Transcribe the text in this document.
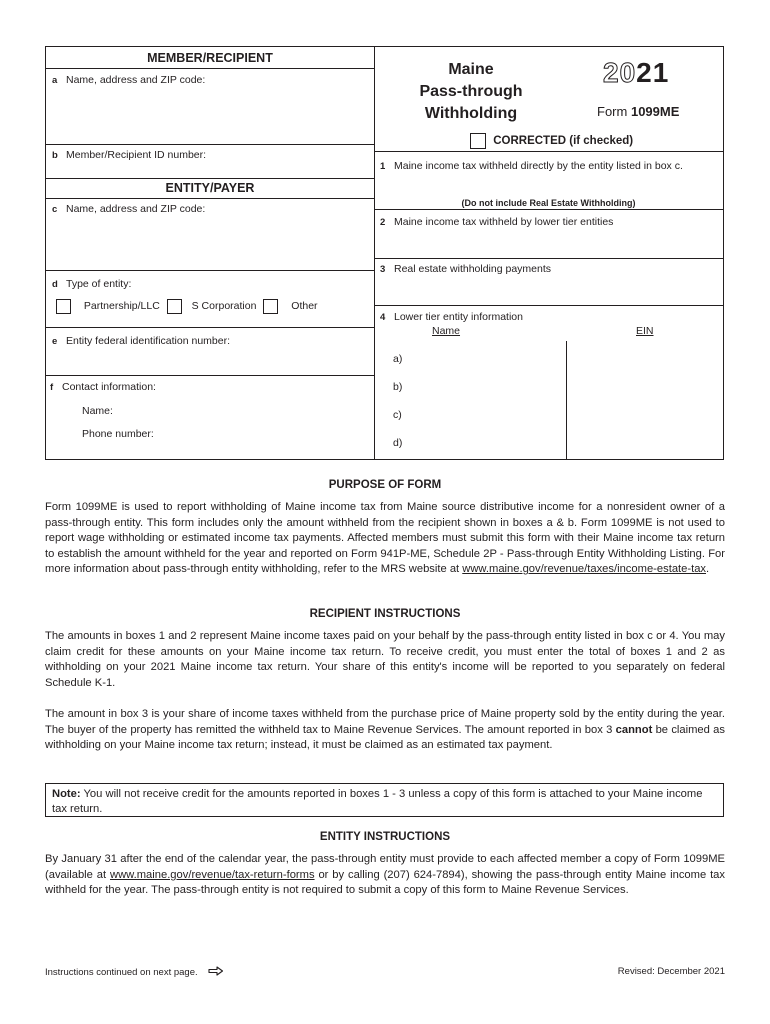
MEMBER/RECIPIENT
a Name, address and ZIP code:
b Member/Recipient ID number:
ENTITY/PAYER
c Name, address and ZIP code:
d Type of entity:
Partnership/LLC	S Corporation	Other
e Entity federal identification number:
f Contact information:
Name:
Phone number:
Maine
Pass-through
Withholding
2021
Form 1099ME
CORRECTED (if checked)
1 Maine income tax withheld directly by the entity listed in box c.
(Do not include Real Estate Withholding)
2 Maine income tax withheld by lower tier entities
3 Real estate withholding payments
4 Lower tier entity information
Name	EIN
a)
b)
c)
d)
PURPOSE OF FORM
Form 1099ME is used to report withholding of Maine income tax from Maine source distributive income for a nonresident owner of a pass-through entity. This form includes only the amount withheld from the recipient shown in boxes a & b. Form 1099ME is not used to report wage withholding or estimated income tax payments. Affected members must submit this form with their Maine income tax return to establish the amount withheld for the year and reported on Form 941P-ME, Schedule 2P - Pass-through Entity Withholding Listing. For more information about pass-through entity withholding, refer to the MRS website at www.maine.gov/revenue/taxes/income-estate-tax.
RECIPIENT INSTRUCTIONS
The amounts in boxes 1 and 2 represent Maine income taxes paid on your behalf by the pass-through entity listed in box c or 4. You may claim credit for these amounts on your Maine income tax return. To receive credit, you must enter the total of boxes 1 and 2 as withholding on your 2021 Maine income tax return. Your share of this entity's income will be reported to you separately on federal Schedule K-1.
The amount in box 3 is your share of income taxes withheld from the purchase price of Maine property sold by the entity during the year. The buyer of the property has remitted the withheld tax to Maine Revenue Services. The amount reported in box 3 cannot be claimed as withholding on your Maine income tax return; instead, it must be claimed as an estimated tax payment.
Note: You will not receive credit for the amounts reported in boxes 1 - 3 unless a copy of this form is attached to your Maine income tax return.
ENTITY INSTRUCTIONS
By January 31 after the end of the calendar year, the pass-through entity must provide to each affected member a copy of Form 1099ME (available at www.maine.gov/revenue/tax-return-forms or by calling (207) 624-7894), showing the pass-through entity Maine income tax withheld for the year. The pass-through entity is not required to submit a copy of this form to Maine Revenue Services.
Instructions continued on next page.	Revised: December 2021
